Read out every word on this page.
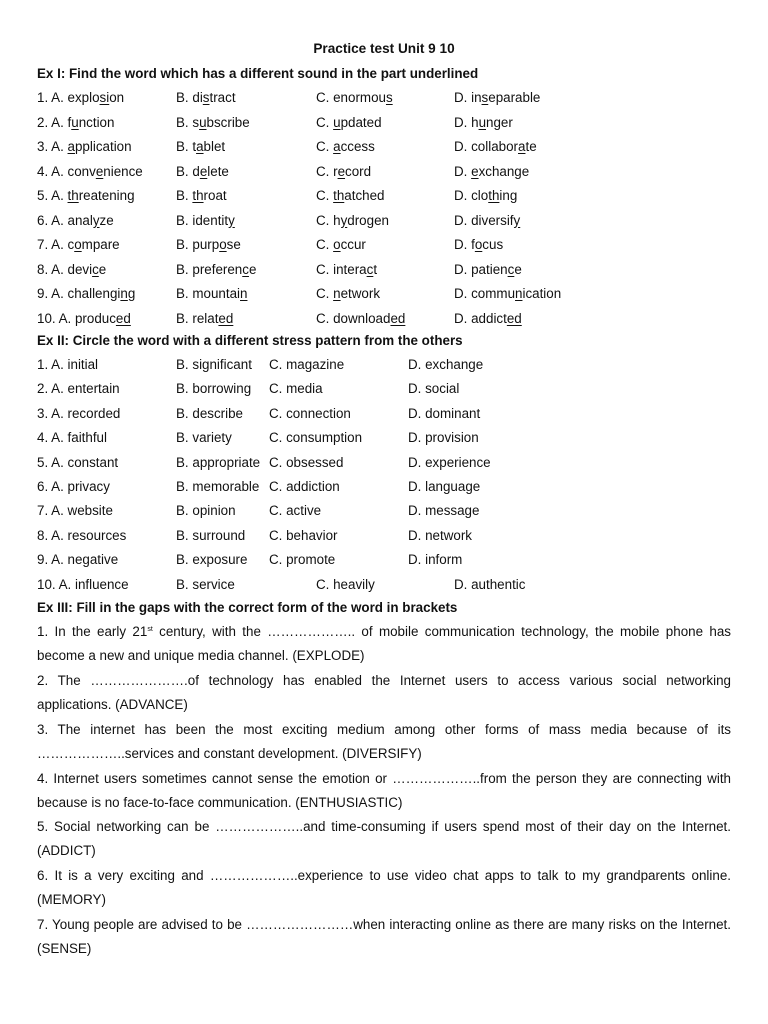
Practice test Unit 9 10
Ex I: Find the word which has a different sound in the part underlined
1. A. explosion	B. distract	C. enormous	D. inseparable
2. A. function	B. subscribe	C. updated	D. hunger
3. A. application	B. tablet	C. access	D. collaborate
4. A. convenience B. delete	C. record	D. exchange
5. A. threatening	B. throat	C. thatched	D. clothing
6. A. analyze	B. identity	C. hydrogen	D. diversify
7. A. compare	B. purpose	C. occur	D. focus
8. A. device	B. preference	C. interact	D. patience
9. A. challenging	B. mountain	C. network	D. communication
10. A. produced	B. related	C. downloaded	D. addicted
Ex II: Circle the word with a different stress pattern from the others
1. A. initial	B. significant C. magazine	D. exchange
2. A. entertain	B. borrowing C. media	D. social
3. A. recorded	B. describe C. connection	D. dominant
4. A. faithful	B. variety	C. consumption	D. provision
5. A. constant	B. appropriate C. obsessed	D. experience
6. A. privacy	B. memorable C. addiction	D. language
7. A. website	B. opinion C. active	D. message
8. A. resources	B. surround C. behavior	D. network
9. A. negative	B. exposure C. promote	D. inform
10. A. influence	B. service	C. heavily	D. authentic
Ex III: Fill in the gaps with the correct form of the word in brackets
1. In the early 21st century, with the ……………….. of mobile communication technology, the mobile phone has become a new and unique media channel. (EXPLODE)
2. The ………………….of technology has enabled the Internet users to access various social networking applications. (ADVANCE)
3. The internet has been the most exciting medium among other forms of mass media because of its ………………..services and constant development. (DIVERSIFY)
4. Internet users sometimes cannot sense the emotion or ………………..from the person they are connecting with because is no face-to-face communication. (ENTHUSIASTIC)
5. Social networking can be ………………..and time-consuming if users spend most of their day on the Internet. (ADDICT)
6. It is a very exciting and ………………..experience to use video chat apps to talk to my grandparents online. (MEMORY)
7. Young people are advised to be ……………………when interacting online as there are many risks on the Internet. (SENSE)
